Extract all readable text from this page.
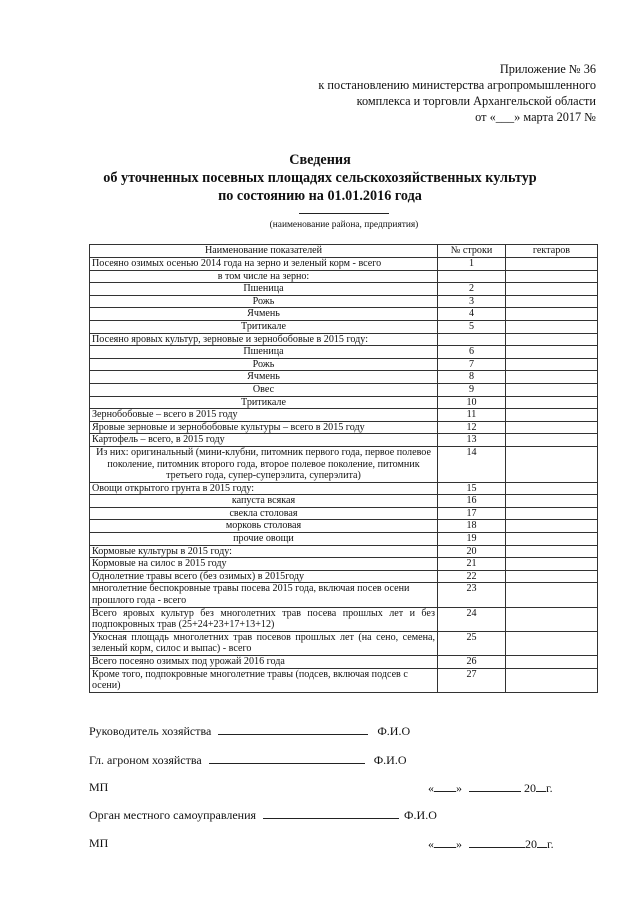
Приложение № 36
к постановлению министерства агропромышленного
комплекса и торговли Архангельской области
от «___» марта 2017 №
Сведения
об уточненных посевных площадях сельскохозяйственных культур
по состоянию на 01.01.2016 года
(наименование района, предприятия)
Наименование показателей	№ строки	гектаров
Посеяно озимых осенью 2014 года на зерно и зеленый корм - всего	1	
в том числе на зерно:		
Пшеница	2	
Рожь	3	
Ячмень	4	
Тритикале	5	
Посеяно яровых культур, зерновые и зернобобовые в 2015 году:		
Пшеница	6	
Рожь	7	
Ячмень	8	
Овес	9	
Тритикале	10	
Зернобобовые – всего в 2015 году	11	
Яровые зерновые и зернобобовые культуры – всего в 2015 году	12	
Картофель – всего, в 2015 году	13	
Из них: оригинальный (мини-клубни, питомник первого года, первое полевое поколение, питомник второго года, второе полевое поколение, питомник третьего года, супер-суперэлита, суперэлита)	14	
Овощи открытого грунта в 2015 году:	15	
капуста всякая	16	
свекла столовая	17	
морковь столовая	18	
прочие овощи	19	
Кормовые культуры в 2015 году:	20	
Кормовые на силос в 2015 году	21	
Однолетние травы всего (без озимых) в 2015году	22	
многолетние беспокровные травы посева 2015 года, включая посев осени прошлого года - всего	23	
Всего яровых культур без многолетних трав посева прошлых лет и без подпокровных трав (25+24+23+17+13+12)	24	
Укосная площадь многолетних трав посевов прошлых лет (на сено, семена, зеленый корм, силос и выпас) - всего	25	
Всего посеяно озимых под урожай 2016 года	26	
Кроме того, подпокровные многолетние травы (подсев, включая подсев с осени)	27	
Руководитель хозяйства	Ф.И.О
Гл. агроном хозяйства	Ф.И.О
МП	« »	20 г.
Орган местного самоуправления	Ф.И.О
МП	« »	20 г.
